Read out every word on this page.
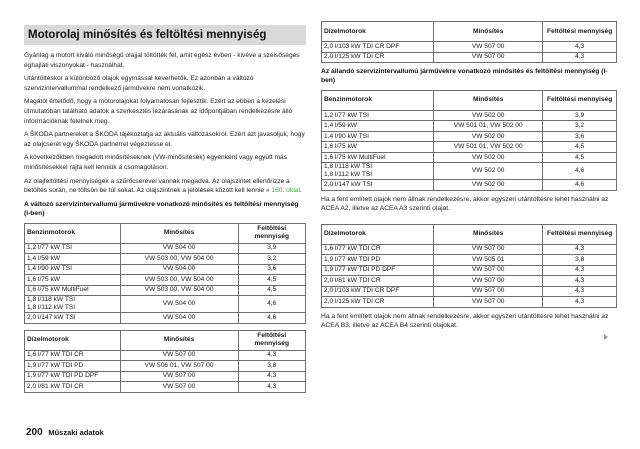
Motorolaj minősítés és feltöltési mennyiség

Gyárilag a motort kiváló minőségű olajjal töltötték fel, amit egész évben - kivéve a szélsőséges éghajlati viszonyokat - használhat.

Utántöltéskor a különböző olajok egymással keverhetők. Ez azonban a változó szervizintervallummal rendelkező járművekre nem vonatkozik.

Magától értetődő, hogy a motorolajokat folyamatosan fejlesztik. Ezért az ebben a kezelési útmutatóban található adatok a szerkesztés lezárásának az időpontjában rendelkezésre álló információknak felelnek meg.

A ŠKODA partnereket a ŠKODA tájékoztatja az aktuális változásokról. Ezért azt javasoljuk, hogy az olajcserét egy ŠKODA partnerrel végeztesse el.

A következőkben megadott minősítéseknek (VW-minősítések) egyenként vagy együtt más minősítésekkel rajta kell lenniük a csomagoláson.

Az olajfeltöltési mennyiségek a szűrőcserével vannak megadva. Az olajszintet ellenőrizze a betöltés során, ne töltsön be túl sokat. Az olajszintnek a jelölések között kell lennie » 160. oldal.

A változó szervizintervallumú járművekre vonatkozó minősítés és feltöltési mennyiség (l-ben)
Benzinmotorok	Minősítés	Feltöltési mennyiség
1,2 l/77 kW TSI	VW 504 00	3,9
1,4 l/59 kW	VW 503 00, VW 504 00	3,2
1,4 l/90 kW TSI	VW 504 00	3,6
1,6 l/75 kW	VW 503 00, VW 504 00	4,5
1,6 l/75 kW MultiFuel	VW 503 00, VW 504 00	4,5
1,8 l/118 kW TSI
1,8 l/112 kW TSI	VW 504 00	4,6
2,0 l/147 kW TSI	VW 504 00	4,6
Dízelmotorok	Minősítés	Feltöltési mennyiség
1,6 l/77 kW TDI CR	VW 507 00	4,3
1,9 l/77 kW TDI PD	VW 506 01, VW 507 00	3,8
1,9 l/77 kW TDI PD DPF	VW 507 00	4,3
2,0 l/81 kW TDI CR	VW 507 00	4,3
Dízelmotorok	Minősítés	Feltöltési mennyiség
2,0 l/103 kW TDI CR DPF	VW 507 00	4,3
2,0 l/125 kW TDI CR	VW 507 00	4,3
Az állandó szervizintervallumú járművekre vonatkozó minősítés és feltöltési mennyiség (l-ben)
Benzinmotorok	Minősítés	Feltöltési mennyiség
1,2 l/77 kW TSI	VW 502 00	3,9
1,4 l/59 kW	VW 501 01, VW 502 00	3,2
1,4 l/90 kW TSI	VW 502 00	3,6
1,6 l/75 kW	VW 501 01, VW 502 00	4,5
1,6 l/75 kW MultiFuel	VW 502 00	4,5
1,8 l/118 kW TSI
1,8 l/112 kW TSI	VW 502 00	4,6
2,0 l/147 kW TSI	VW 502 00	4,6

Ha a fent említett olajok nem állnak rendelkezésre, akkor egyszeri utántöltésre lehet használni az ACEA A2, illetve az ACEA A3 szerinti olajat.

Dízelmotorok	Minősítés	Feltöltési mennyiség
1,6 l/77 kW TDI CR	VW 507 00	4,3
1,9 l/77 kW TDI PD	VW 505 01	3,8
1,9 l/77 kW TDI PD DPF	VW 507 00	4,3
2,0 l/81 kW TDI CR	VW 507 00	4,3
2,0 l/103 kW TDI CR DPF	VW 507 00	4,3
2,0 l/125 kW TDI CR	VW 507 00	4,3

Ha a fent említett olajok nem állnak rendelkezésre, akkor egyszeri utántöltésre lehet használni az ACEA B3, illetve az ACEA B4 szerinti olajokat.

200 Műszaki adatok
